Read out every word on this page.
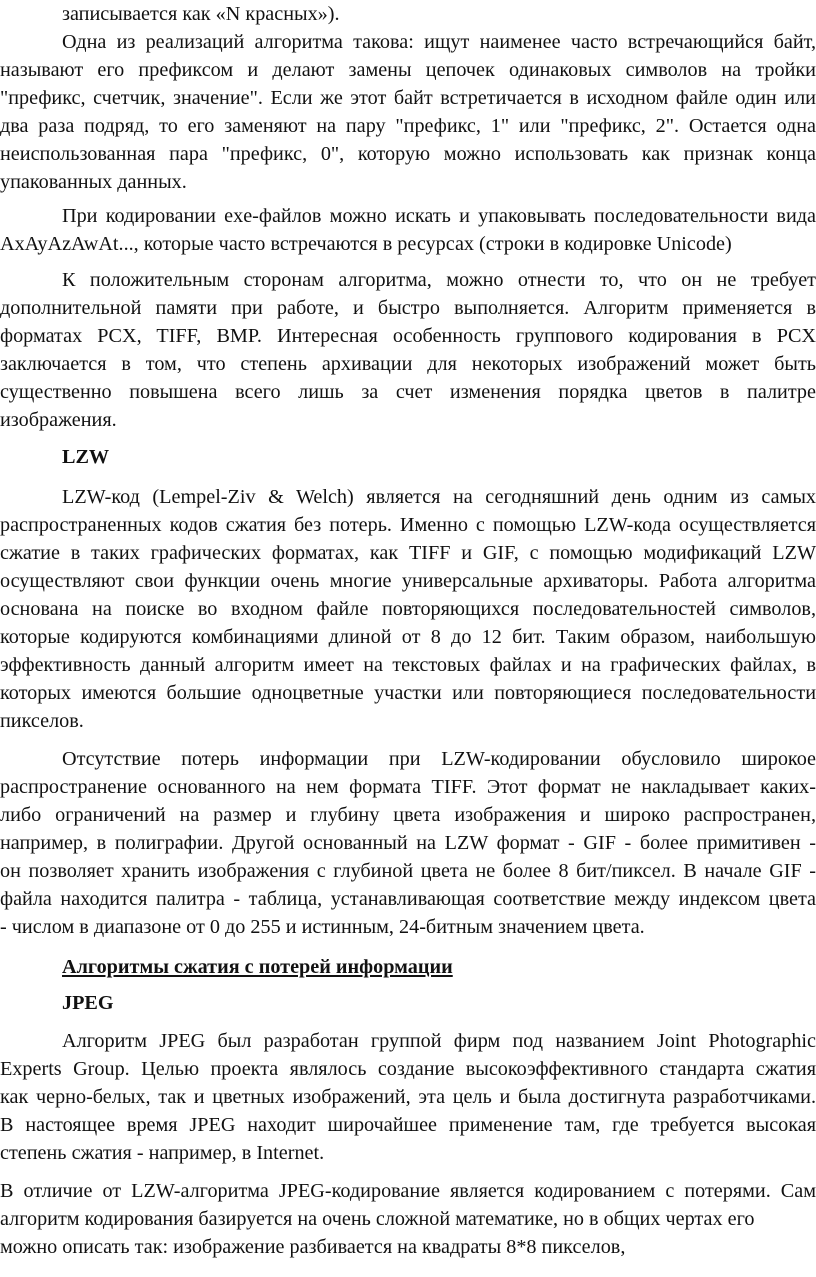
записывается как «N красных»).
Одна из реализаций алгоритма такова: ищут наименее часто встречающийся байт,
называют его префиксом и делают замены цепочек одинаковых символов на тройки
"префикс, счетчик, значение". Если же этот байт встретичается в исходном файле один или
два раза подряд, то его заменяют на пару "префикс, 1" или "префикс, 2". Остается одна
неиспользованная пара "префикс, 0", которую можно использовать как признак конца
упакованных данных.
При кодировании exe-файлов можно искать и упаковывать последовательности вида
AxAyAzAwAt..., которые часто встречаются в ресурсах (строки в кодировке Unicode)
К положительным сторонам алгоритма, можно отнести то, что он не требует
дополнительной памяти при работе, и быстро выполняется. Алгоритм применяется в
форматах PCX, TIFF, BMP. Интересная особенность группового кодирования в PCX
заключается в том, что степень архивации для некоторых изображений может быть
существенно повышена всего лишь за счет изменения порядка цветов в палитре
изображения.
LZW
LZW-код (Lempel-Ziv & Welch) является на сегодняшний день одним из самых
распространенных кодов сжатия без потерь. Именно с помощью LZW-кода осуществляется
сжатие в таких графических форматах, как TIFF и GIF, с помощью модификаций LZW
осуществляют свои функции очень многие универсальные архиваторы. Работа алгоритма
основана на поиске во входном файле повторяющихся последовательностей символов,
которые кодируются комбинациями длиной от 8 до 12 бит. Таким образом, наибольшую
эффективность данный алгоритм имеет на текстовых файлах и на графических файлах, в
которых имеются большие одноцветные участки или повторяющиеся последовательности
пикселов.
Отсутствие потерь информации при LZW-кодировании обусловило широкое
распространение основанного на нем формата TIFF. Этот формат не накладывает каких-
либо ограничений на размер и глубину цвета изображения и широко распространен,
например, в полиграфии. Другой основанный на LZW формат - GIF - более примитивен -
он позволяет хранить изображения с глубиной цвета не более 8 бит/пиксел. В начале GIF -
файла находится палитра - таблица, устанавливающая соответствие между индексом цвета
- числом в диапазоне от 0 до 255 и истинным, 24-битным значением цвета.
Алгоритмы сжатия с потерей информации
JPEG
Алгоритм JPEG был разработан группой фирм под названием Joint Photographic
Experts Group. Целью проекта являлось создание высокоэффективного стандарта сжатия
как черно-белых, так и цветных изображений, эта цель и была достигнута разработчиками.
В настоящее время JPEG находит широчайшее применение там, где требуется высокая
степень сжатия - например, в Internet.
В отличие от LZW-алгоритма JPEG-кодирование является кодированием с потерями. Сам
алгоритм кодирования базируется на очень сложной математике, но в общих чертах его
можно описать так: изображение разбивается на квадраты 8*8 пикселов,
